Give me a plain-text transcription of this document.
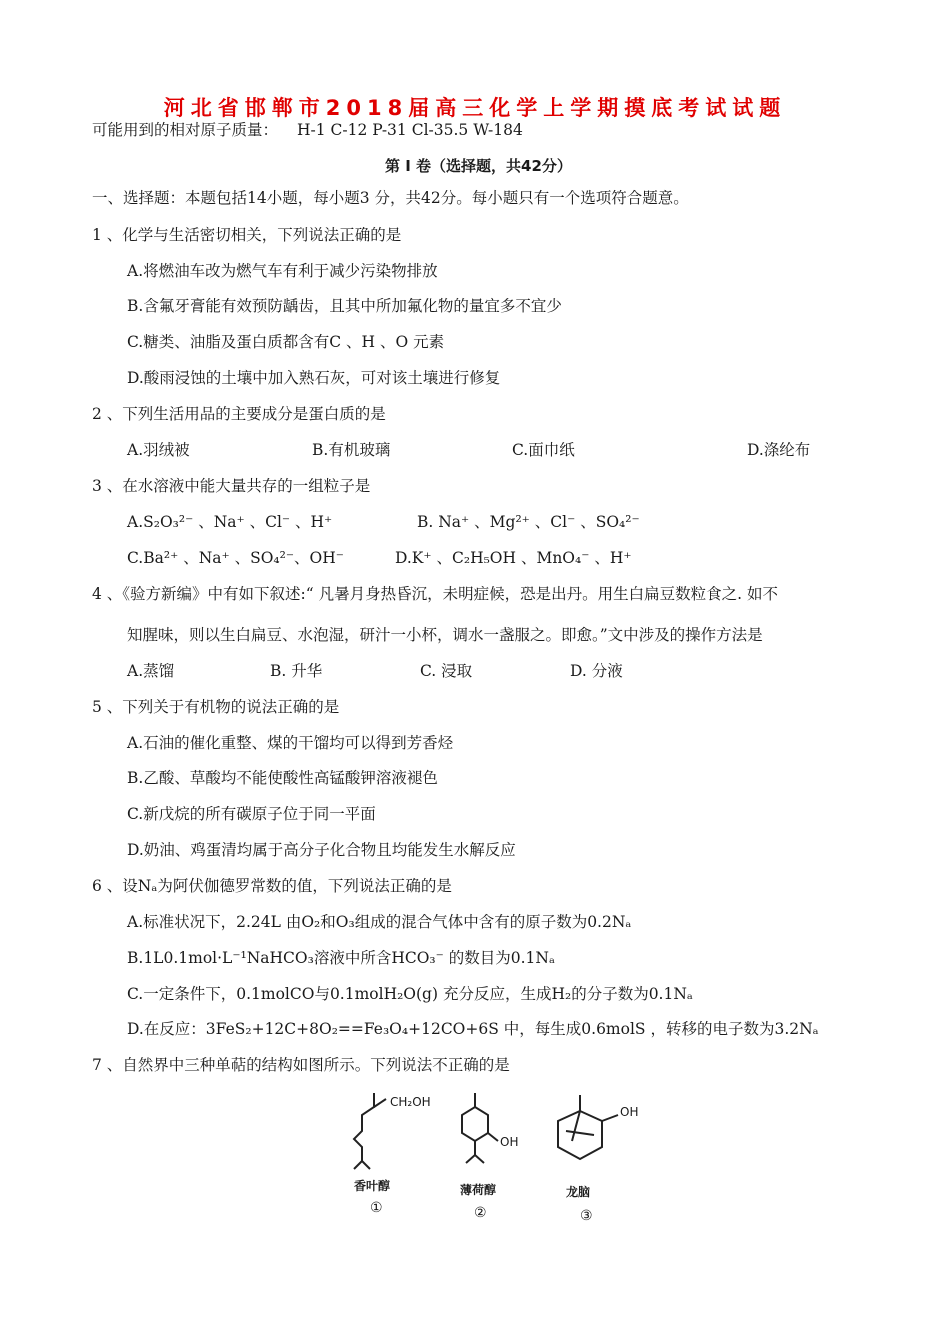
河北省邯郸市2018届高三化学上学期摸底考试试题
可能用到的相对原子质量： H-1 C-12 P-31 Cl-35.5 W-184
第 I 卷（选择题，共42分）
一、选择题：本题包括14小题，每小题3 分，共42分。每小题只有一个选项符合题意。
1 、化学与生活密切相关，下列说法正确的是
A.将燃油车改为燃气车有利于减少污染物排放
B.含氟牙膏能有效预防龋齿，且其中所加氟化物的量宜多不宜少
C.糖类、油脂及蛋白质都含有C 、H 、O 元素
D.酸雨浸蚀的土壤中加入熟石灰，可对该土壤进行修复
2 、下列生活用品的主要成分是蛋白质的是
A.羽绒被	B.有机玻璃	C.面巾纸	D.涤纶布
3 、在水溶液中能大量共存的一组粒子是
A.S₂O₃²⁻ 、Na⁺ 、Cl⁻ 、H⁺	B. Na⁺ 、Mg²⁺ 、Cl⁻ 、SO₄²⁻
C.Ba²⁺ 、Na⁺ 、SO₄²⁻、OH⁻	D.K⁺ 、C₂H₅OH 、MnO₄⁻ 、H⁺
4 、《验方新编》中有如下叙述:“ 凡暑月身热昏沉，未明症候，恐是出丹。用生白扁豆数粒食之. 如不
知腥味，则以生白扁豆、水泡湿，研汁一小杯，调水一盏服之。即愈。”文中涉及的操作方法是
A.蒸馏	B. 升华	C. 浸取	D. 分液
5 、下列关于有机物的说法正确的是
A.石油的催化重整、煤的干馏均可以得到芳香烃
B.乙酸、草酸均不能使酸性高锰酸钾溶液褪色
C.新戊烷的所有碳原子位于同一平面
D.奶油、鸡蛋清均属于高分子化合物且均能发生水解反应
6 、设Nₐ为阿伏伽德罗常数的值，下列说法正确的是
A.标准状况下，2.24L 由O₂和O₃组成的混合气体中含有的原子数为0.2Nₐ
B.1L0.1mol·L⁻¹NaHCO₃溶液中所含HCO₃⁻ 的数目为0.1Nₐ
C.一定条件下，0.1molCO与0.1molH₂O(g) 充分反应，生成H₂的分子数为0.1Nₐ
D.在反应：3FeS₂+12C+8O₂==Fe₃O₄+12CO+6S 中，每生成0.6molS ，转移的电子数为3.2Nₐ
7 、自然界中三种单萜的结构如图所示。下列说法不正确的是
CH₂OH
OH
OH
香叶醇	薄荷醇	龙脑
①	②	③
